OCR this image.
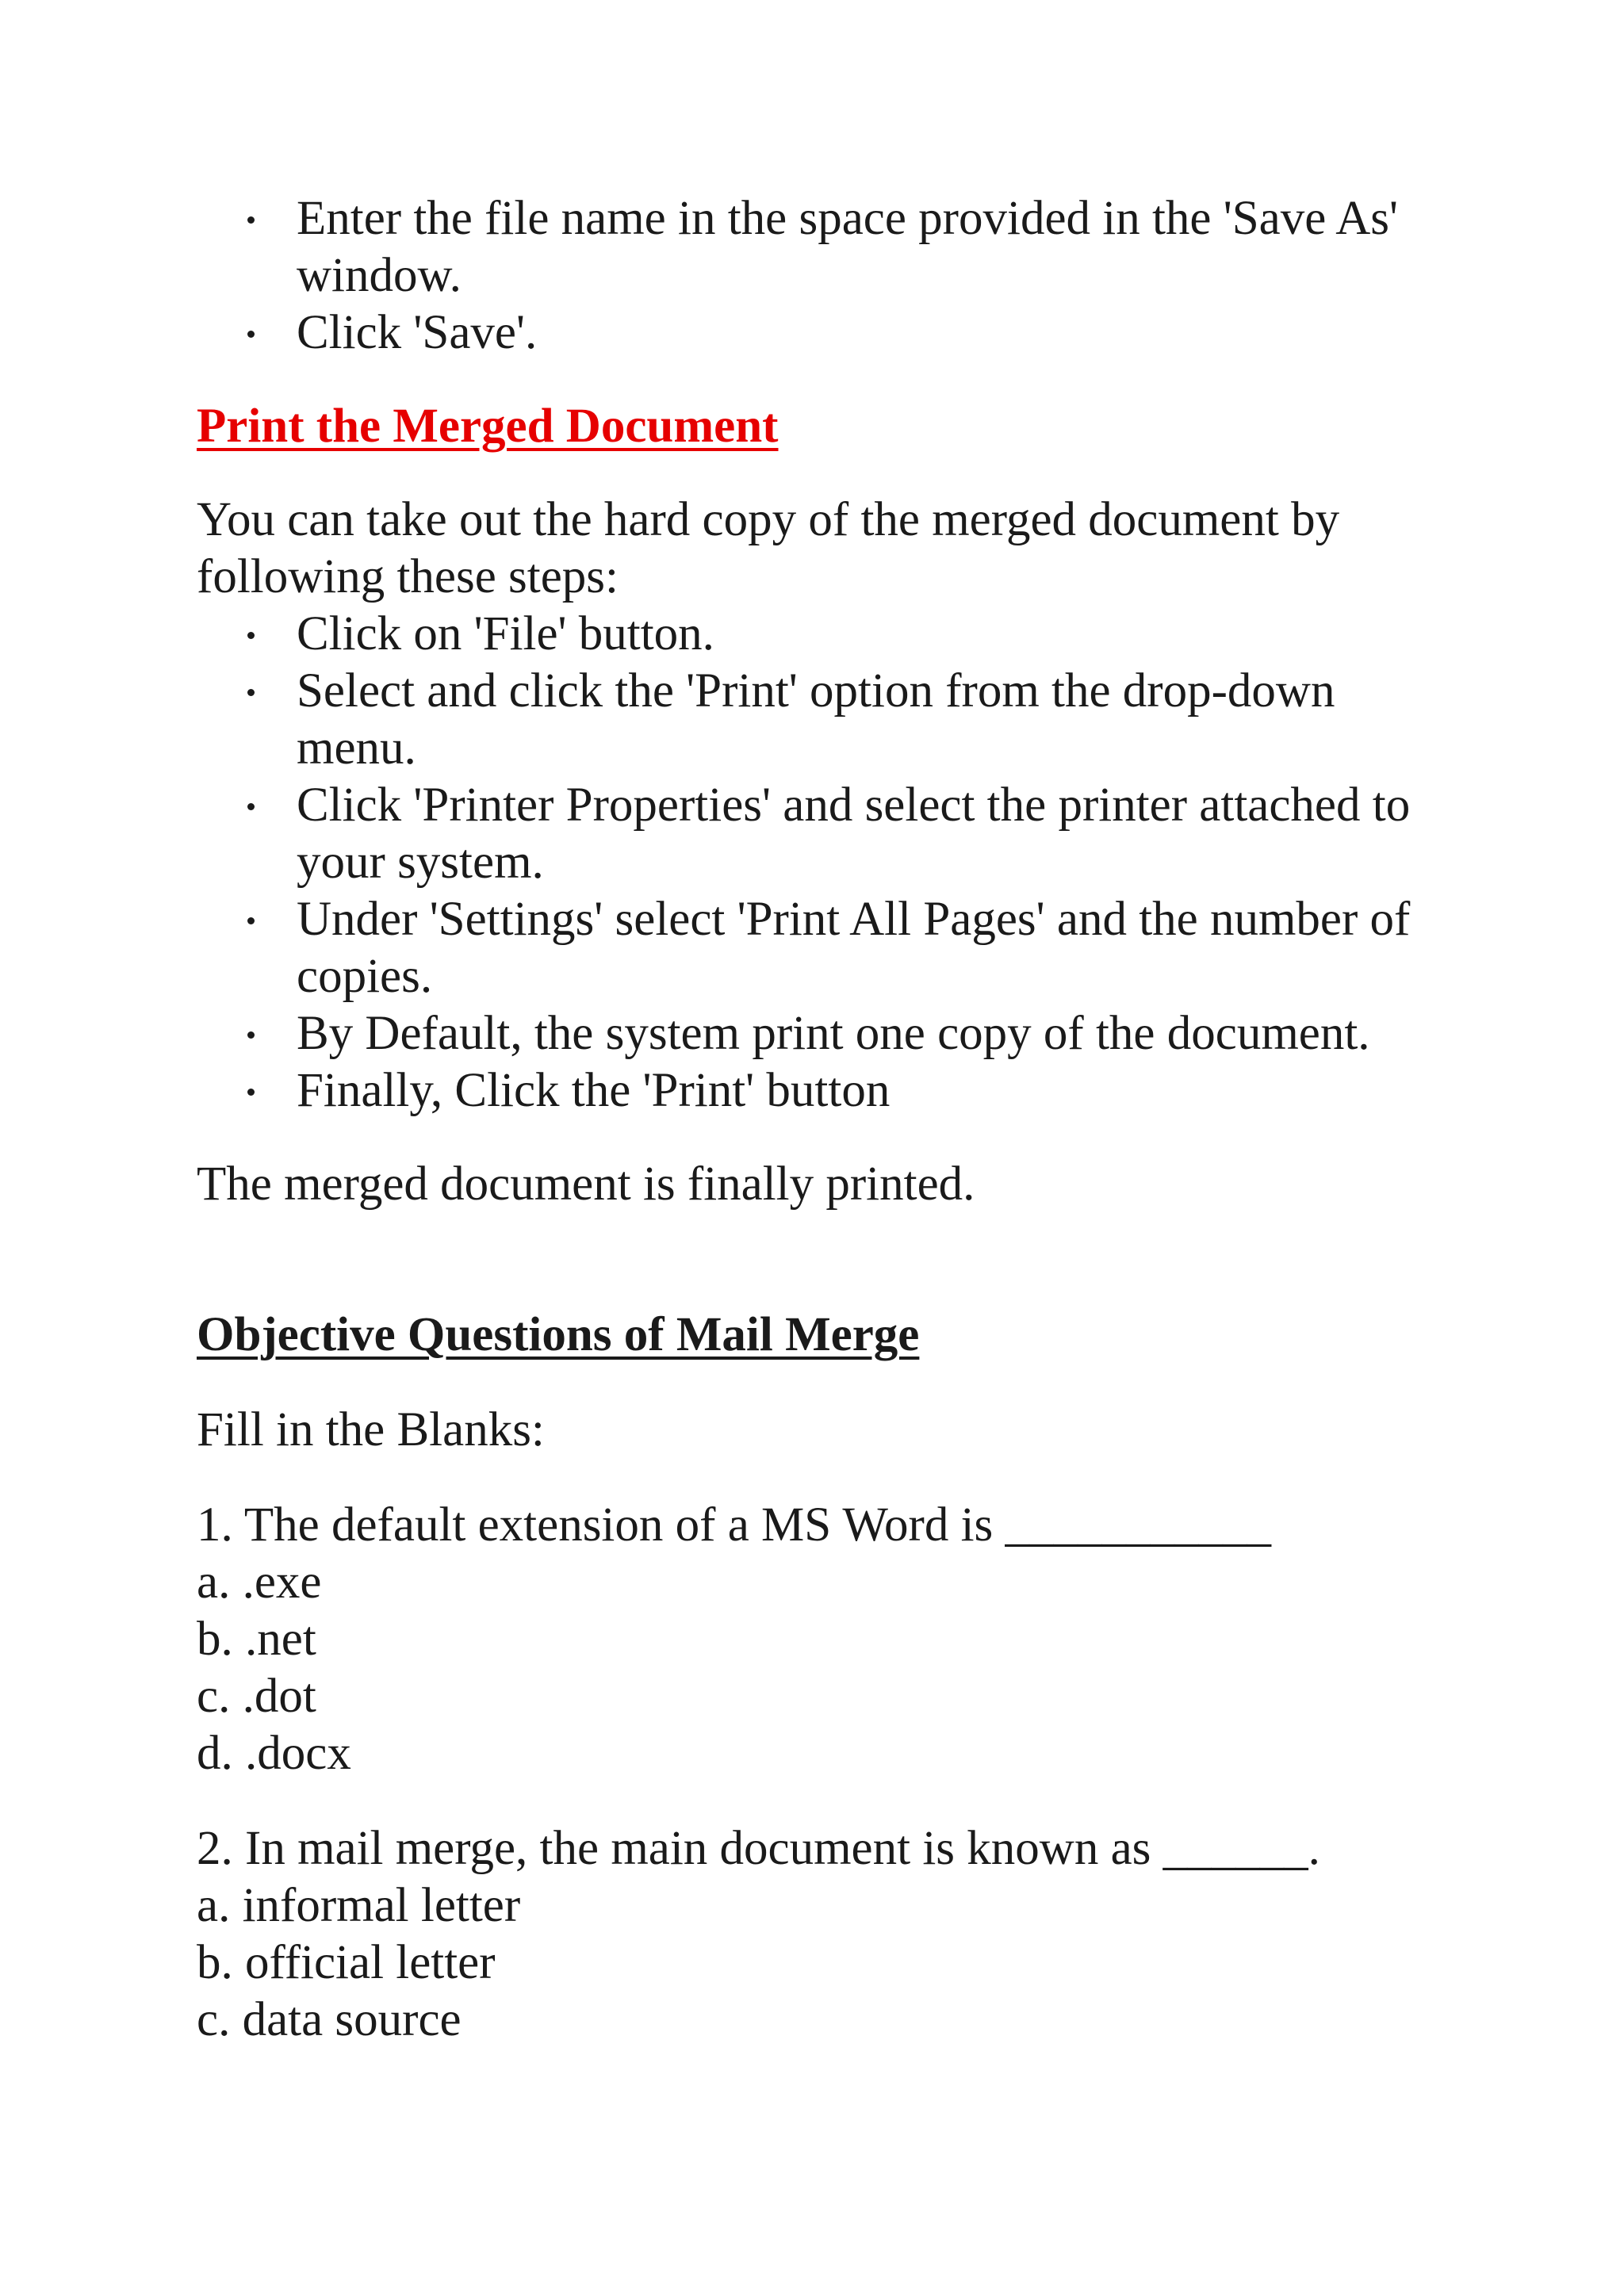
Enter the file name in the space provided in the 'Save As' window.
Click 'Save'.
Print the Merged Document

You can take out the hard copy of the merged document by following these steps:

Click on 'File' button.
Select and click the 'Print' option from the drop-down menu.
Click 'Printer Properties' and select the printer attached to your system.
Under 'Settings' select 'Print All Pages' and the number of copies.
By Default, the system print one copy of the document.
Finally, Click the 'Print' button

The merged document is finally printed.

Objective Questions of Mail Merge

Fill in the Blanks:

1. The default extension of a MS Word is ___________

a. .exe

b. .net

c. .dot

d. .docx

2. In mail merge, the main document is known as ______.

a. informal letter

b. official letter

c. data source
